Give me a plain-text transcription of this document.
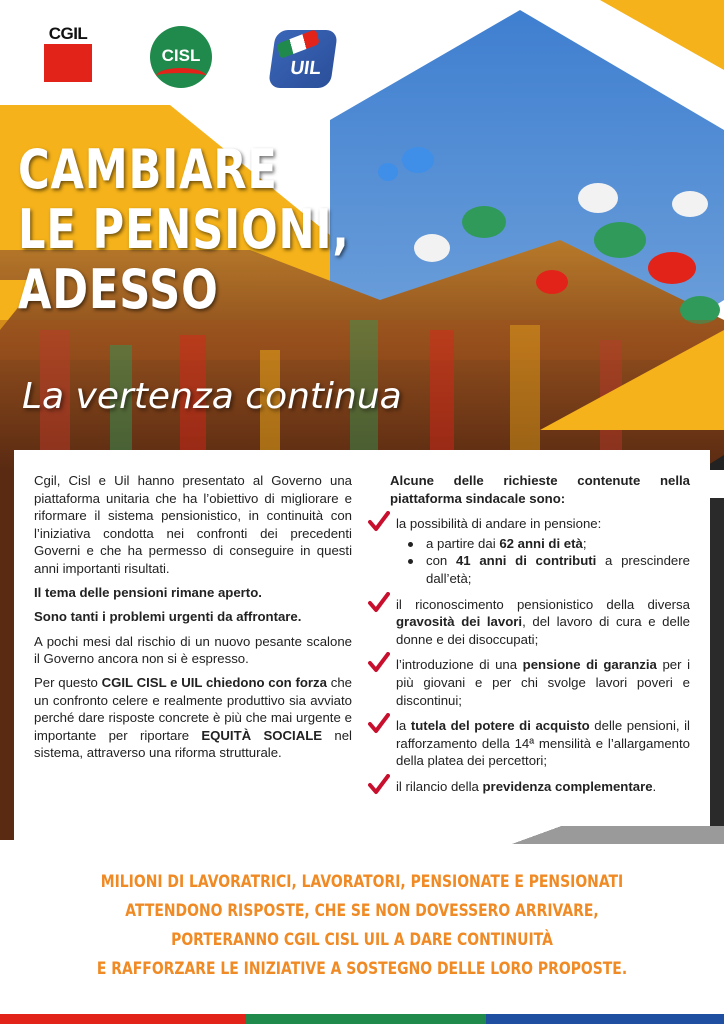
CGIL
CISL
UIL
CAMBIARE
LE PENSIONI,
ADESSO
La vertenza continua

Cgil, Cisl e Uil hanno presentato al Governo una piattaforma unitaria che ha l’obiettivo di migliorare e riformare il sistema pensionistico, in continuità con l’iniziativa condotta nei confronti dei precedenti Governi e che ha permesso di conseguire in questi anni importanti risultati.

Il tema delle pensioni rimane aperto.

Sono tanti i problemi urgenti da affrontare.

A pochi mesi dal rischio di un nuovo pesante scalone il Governo ancora non si è espresso.

Per questo CGIL CISL e UIL chiedono con forza che un confronto celere e realmente produttivo sia avviato perché dare risposte concrete è più che mai urgente e importante per riportare EQUITÀ SOCIALE nel sistema, attraverso una riforma strutturale.

Alcune delle richieste contenute nella piattaforma sindacale sono:

la possibilità di andare in pensione:
a partire dai 62 anni di età;
con 41 anni di contributi a prescindere dall’età;
il riconoscimento pensionistico della diversa gravosità dei lavori, del lavoro di cura e delle donne e dei disoccupati;
l’introduzione di una pensione di garanzia per i più giovani e per chi svolge lavori poveri e discontinui;
la tutela del potere di acquisto delle pensioni, il rafforzamento della 14ª mensilità e l’allargamento della platea dei percettori;
il rilancio della previdenza complementare.
MILIONI DI LAVORATRICI, LAVORATORI, PENSIONATE E PENSIONATI
ATTENDONO RISPOSTE, CHE SE NON DOVESSERO ARRIVARE,
PORTERANNO CGIL CISL UIL A DARE CONTINUITÀ
E RAFFORZARE LE INIZIATIVE A SOSTEGNO DELLE LORO PROPOSTE.
